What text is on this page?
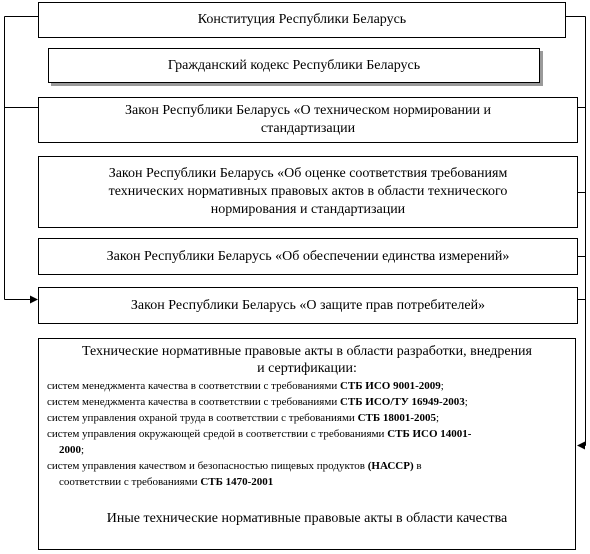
Конституция Республики Беларусь
Гражданский кодекс Республики Беларусь
Закон Республики Беларусь «О техническом нормировании и
стандартизации
Закон Республики Беларусь «Об оценке соответствия требованиям
технических нормативных правовых актов в области технического
нормирования и стандартизации
Закон Республики Беларусь «Об обеспечении единства измерений»
Закон Республики Беларусь «О защите прав потребителей»
Технические нормативные правовые акты в области разработки, внедрения
и сертификации:
систем менеджмента качества в соответствии с требованиями СТБ ИСО 9001-2009;
систем менеджмента качества в соответствии с требованиями СТБ ИСО/ТУ 16949-2003;
систем управления охраной труда в соответствии с требованиями СТБ 18001-2005;
систем управления окружающей средой в соответствии с требованиями СТБ ИСО 14001-
2000;
систем управления качеством и безопасностью пищевых продуктов (НАССР) в
соответствии с требованиями СТБ 1470-2001
Иные технические нормативные правовые акты в области качества
